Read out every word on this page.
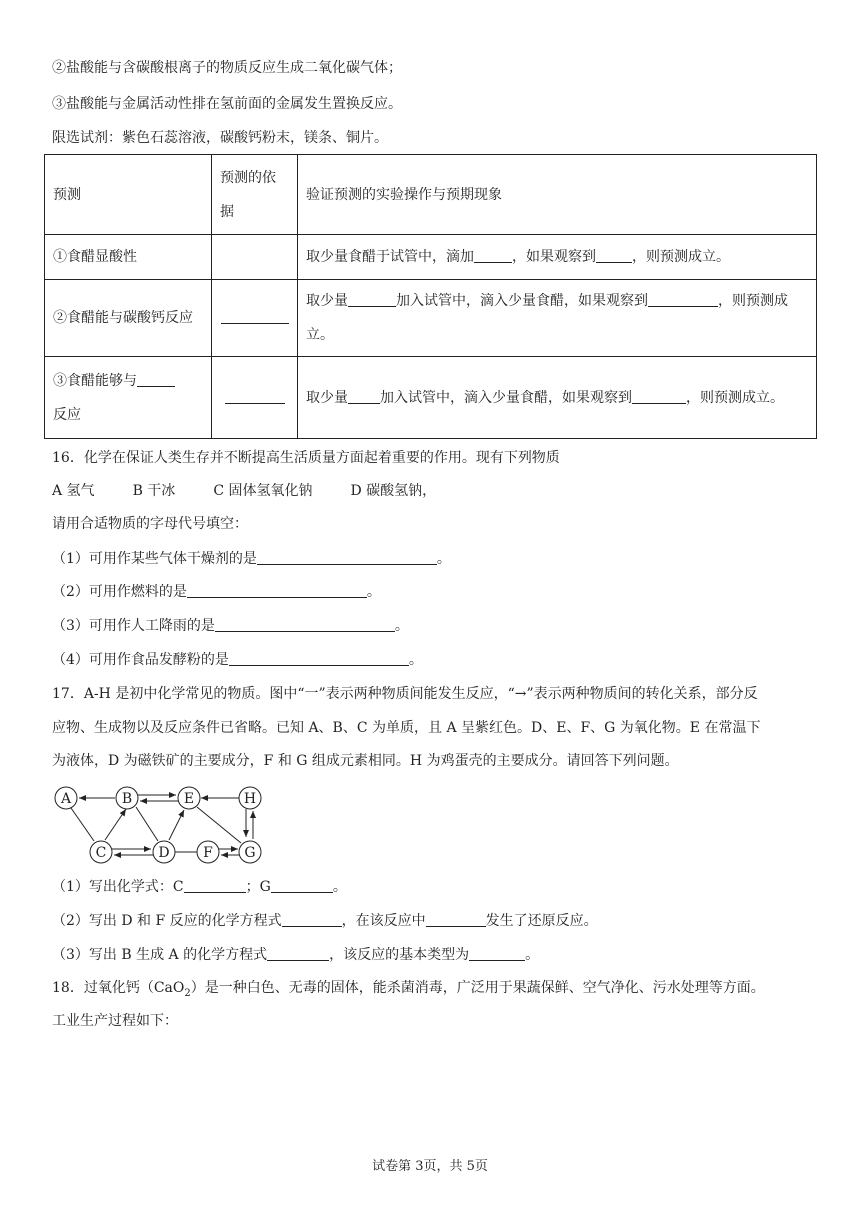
②盐酸能与含碳酸根离子的物质反应生成二氧化碳气体；
③盐酸能与金属活动性排在氢前面的金属发生置换反应。
限选试剂：紫色石蕊溶液，碳酸钙粉末，镁条、铜片。
预测	预测的依据	验证预测的实验操作与预期现象
①食醋显酸性		取少量食醋于试管中，滴加 ，如果观察到 ，则预测成立。
②食醋能与碳酸钙反应		取少量 加入试管中，滴入少量食醋，如果观察到 ，则预测成立。
③食醋能够与
反应		取少量 加入试管中，滴入少量食醋，如果观察到 ，则预测成立。
16．化学在保证人类生存并不断提高生活质量方面起着重要的作用。现有下列物质
A 氢气	B 干冰	C 固体氢氧化钠	D 碳酸氢钠，
请用合适物质的字母代号填空：
（1）可用作某些气体干燥剂的是	。
（2）可用作燃料的是	。
（3）可用作人工降雨的是	。
（4）可用作食品发酵粉的是	。
17．A-H 是初中化学常见的物质。图中“一”表示两种物质间能发生反应，“→”表示两种物质间的转化关系，部分反
应物、生成物以及反应条件已省略。已知 A、B、C 为单质，且 A 呈紫红色。D、E、F、G 为氧化物。E 在常温下
为液体，D 为磁铁矿的主要成分，F 和 G 组成元素相同。H 为鸡蛋壳的主要成分。请回答下列问题。
A	B	E	H
C	D F G
（1）写出化学式：C	；G	。
（2）写出 D 和 F 反应的化学方程式	，在该反应中	发生了还原反应。
（3）写出 B 生成 A 的化学方程式	，该反应的基本类型为	。
18．过氧化钙（CaO$_2$）是一种白色、无毒的固体，能杀菌消毒，广泛用于果蔬保鲜、空气净化、污水处理等方面。
工业生产过程如下：
试卷第 3页，共 5页
